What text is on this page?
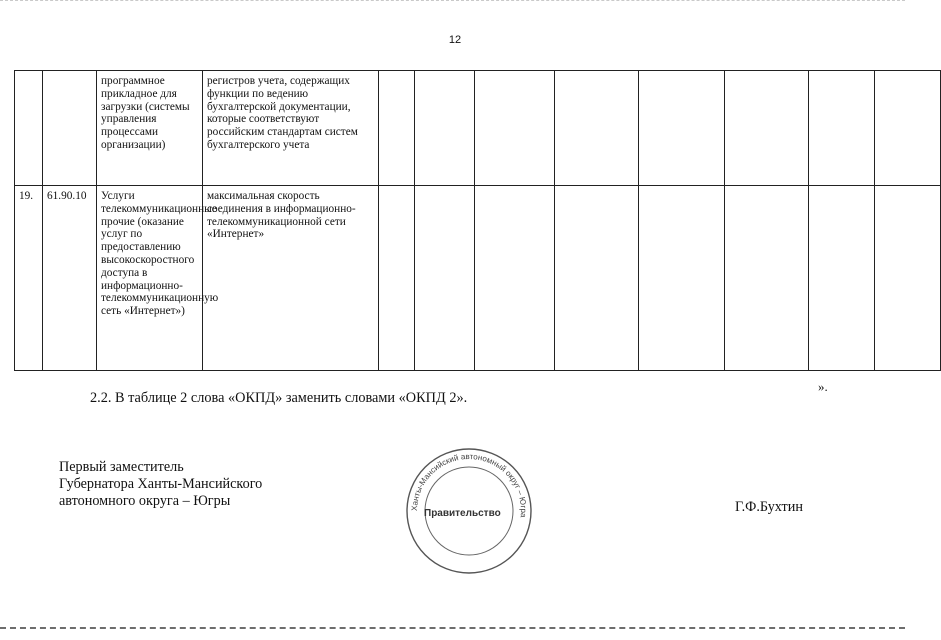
12
		программное прикладное для загрузки (системы управления процессами организации)	регистров учета, содержащих функции по ведению бухгалтерской документации, которые соответствуют российским стандартам систем бухгалтерского учета								
19.	61.90.10	Услуги телекоммуникационные прочие (оказание услуг по предоставлению высокоскоростного доступа в информационно-телекоммуникационную сеть «Интернет»)	максимальная скорость соединения в информационно-телекоммуникационной сети «Интернет»								
».
2.2. В таблице 2 слова «ОКПД» заменить словами «ОКПД 2».
Первый заместитель
Губернатора Ханты-Мансийского
автономного округа – Югры	Г.Ф.Бухтин
Ханты-Мансийский автономный округ – Югра
Правительство
